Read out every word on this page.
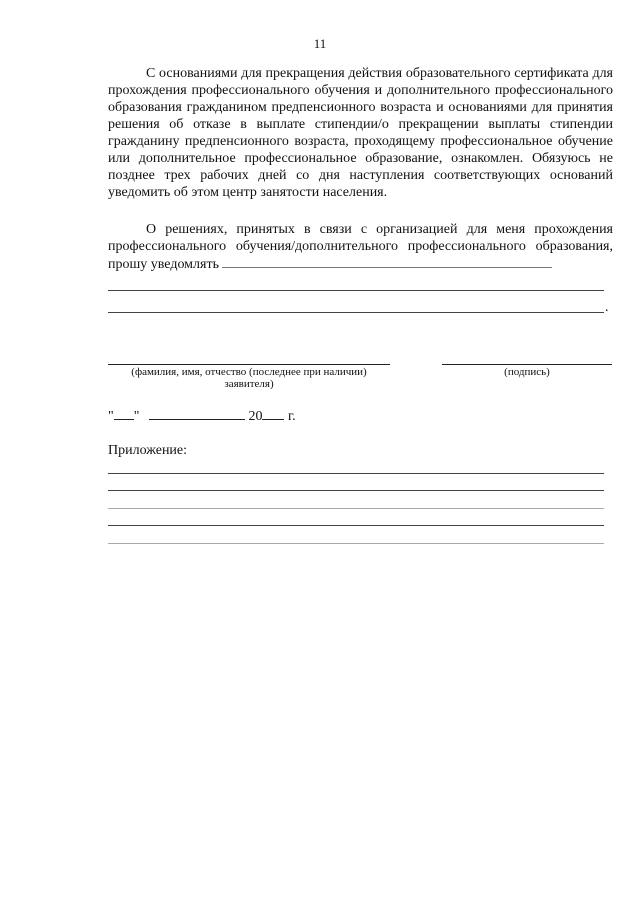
11

С основаниями для прекращения действия образовательного сертификата для прохождения профессионального обучения и дополнительного профессионального образования гражданином предпенсионного возраста и основаниями для принятия решения об отказе в выплате стипендии/о прекращении выплаты стипендии гражданину предпенсионного возраста, проходящему профессиональное обучение или дополнительное профессиональное образование, ознакомлен. Обязуюсь не позднее трех рабочих дней со дня наступления соответствующих оснований уведомить об этом центр занятости населения.

О решениях, принятых в связи с организацией для меня прохождения профессионального обучения/дополнительного профессионального образования, прошу уведомлять

.
(фамилия, имя, отчество (последнее при наличии)
заявителя)
(подпись)
" "	20 г.
Приложение:
